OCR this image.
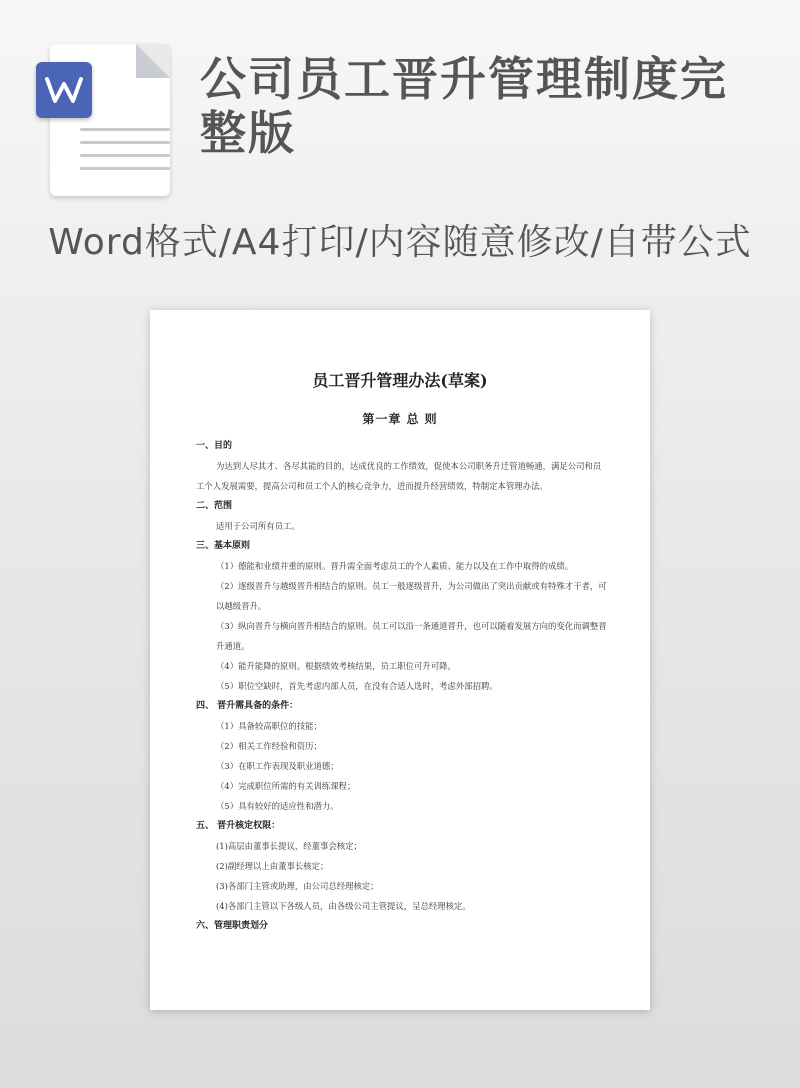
公司员工晋升管理制度完整版
Word格式/A4打印/内容随意修改/自带公式
员工晋升管理办法(草案)
第一章 总 则
一、目的
为达到人尽其才、各尽其能的目的，达成优良的工作绩效，促使本公司职务升迁管道畅通，满足公司和员工个人发展需要，提高公司和员工个人的核心竞争力，进而提升经营绩效，特制定本管理办法。
二、范围
适用于公司所有员工。
三、基本原则
（1）德能和业绩并重的原则。晋升需全面考虑员工的个人素质、能力以及在工作中取得的成绩。
（2）逐级晋升与越级晋升相结合的原则。员工一般逐级晋升，为公司做出了突出贡献或有特殊才干者，可以越级晋升。
（3）纵向晋升与横向晋升相结合的原则。员工可以沿一条通道晋升，也可以随着发展方向的变化而调整晋升通道。
（4）能升能降的原则。根据绩效考核结果，员工职位可升可降。
（5）职位空缺时，首先考虑内部人员，在没有合适人选时，考虑外部招聘。
四、 晋升需具备的条件：
（1）具备较高职位的技能；
（2）相关工作经验和资历；
（3）在职工作表现及职业道德；
（4）完成职位所需的有关训练课程；
（5）具有较好的适应性和潜力。
五、 晋升核定权限：
(1)高层由董事长提议，经董事会核定；
(2)副经理以上由董事长核定；
(3)各部门主管或助理，由公司总经理核定；
(4)各部门主管以下各级人员，由各级公司主管提议，呈总经理核定。
六、管理职责划分
